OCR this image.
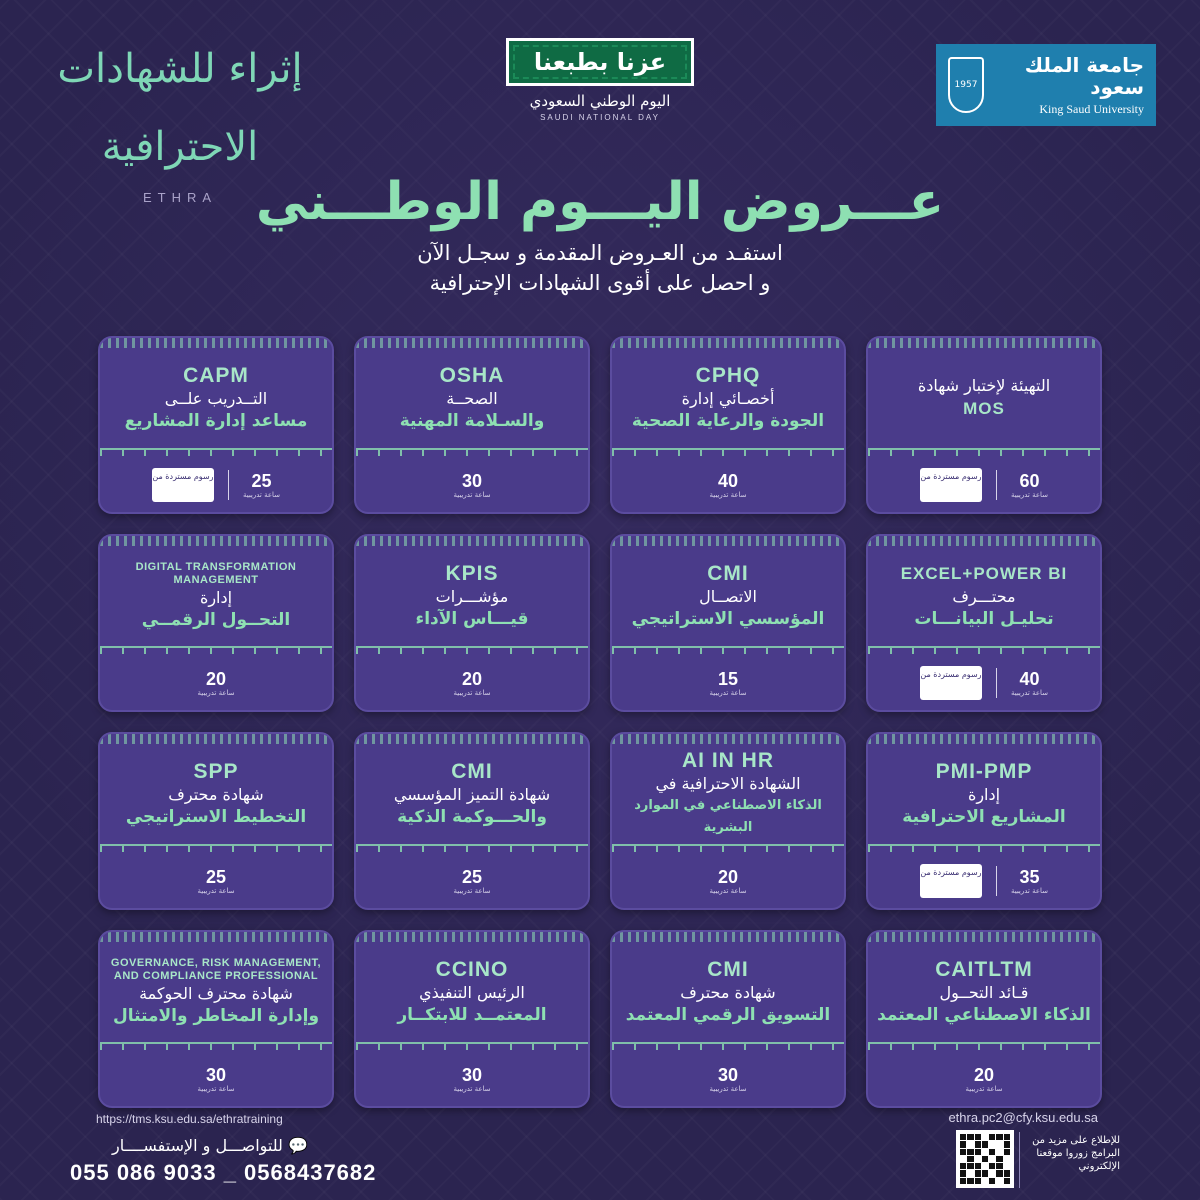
إثراء للشهادات الاحترافية
ETHRA
عزنا بطبعنا
اليوم الوطني السعودي
SAUDI NATIONAL DAY
1957
جامعة الملك سعود
King Saud University
عـــروض اليـــوم الوطـــني
استفـد من العـروض المقدمة و سجـل الآن
و احصل على أقوى الشهادات الإحترافية
CAPM
التــدريب علــى
مساعد إدارة المشاريع
رسوم مستردة من	25
ساعة تدريبية
OSHA
الصحــة
والسـلامة المهنية
30
ساعة تدريبية
CPHQ
أخصـائي إدارة
الجودة والرعاية الصحية
40
ساعة تدريبية
التهيئة لإختبار شهادة
MOS
رسوم مستردة من	60
ساعة تدريبية
DIGITAL TRANSFORMATION MANAGEMENT
إدارة
التحــول الرقمــي
20
ساعة تدريبية
KPIS
مؤشـــرات
قيـــاس الآداء
20
ساعة تدريبية
CMI
الاتصــال
المؤسسي الاستراتيجي
15
ساعة تدريبية
EXCEL+POWER BI
محتـــرف
تحليـل البيانـــات
رسوم مستردة من	40
ساعة تدريبية
SPP
شهادة محترف
التخطيط الاستراتيجي
25
ساعة تدريبية
CMI
شهادة التميز المؤسسي
والحـــوكمة الذكية
25
ساعة تدريبية
AI IN HR
الشهادة الاحترافية في
الذكاء الاصطناعي في الموارد البشرية
20
ساعة تدريبية
PMI-PMP
إدارة
المشاريع الاحترافية
رسوم مستردة من	35
ساعة تدريبية
GOVERNANCE, RISK MANAGEMENT, AND COMPLIANCE PROFESSIONAL
شهادة محترف الحوكمة
وإدارة المخاطر والامتثال
30
ساعة تدريبية
CCINO
الرئيس التنفيذي
المعتمــد للابتكــار
30
ساعة تدريبية
CMI
شهادة محترف
التسويق الرقمي المعتمد
30
ساعة تدريبية
CAITLTM
قـائد التحــول
الذكاء الاصطناعي المعتمد
20
ساعة تدريبية
https://tms.ksu.edu.sa/ethratraining
💬 للتواصـــل و الإستفســــار
055 086 9033 _ 0568437682
ethra.pc2@cfy.ksu.edu.sa
للإطلاع على مزيد من البرامج زوروا موقعنا الإلكتروني
